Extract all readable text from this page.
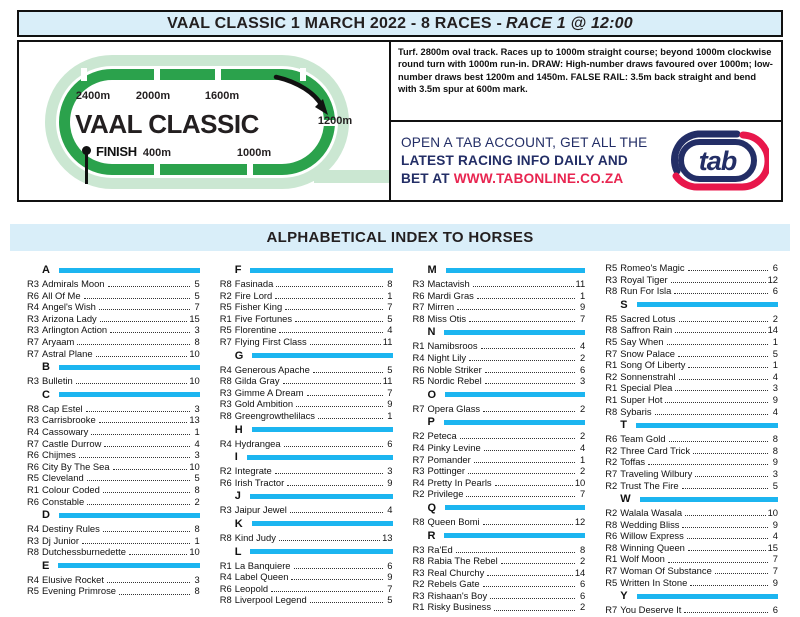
VAAL CLASSIC 1 MARCH 2022 - 8 RACES - RACE 1 @ 12:00
2400m	2000m	1600m
1200m
400m	1000m
VAAL CLASSIC
FINISH
Turf. 2800m oval track. Races up to 1000m straight course; beyond 1000m clockwise round turn with 1000m run-in. DRAW: High-number draws favoured over 1000m; low-number draws best 1200m and 1450m. FALSE RAIL: 3.5m back straight and bend with 3.5m spur at 600m mark.
OPEN A TAB ACCOUNT, GET ALL THE
LATEST RACING INFO DAILY AND
BET AT WWW.TABONLINE.CO.ZA
tab
ALPHABETICAL INDEX TO HORSES
A
R3 Admirals Moon	5
R6 All Of Me	5
R4 Angel's Wish	7
R3 Arizona Lady	15
R3 Arlington Action	3
R7 Aryaam	8
R7 Astral Plane	10
B
R3 Bulletin	10
C
R8 Cap Estel	3
R3 Carrisbrooke	13
R4 Cassowary	1
R7 Castle Durrow	4
R6 Chijmes	3
R6 City By The Sea	10
R5 Cleveland	5
R1 Colour Coded	8
R6 Constable	2
D
R4 Destiny Rules	8
R3 Dj Junior	1
R8 Dutchessburnedette	10
E
R4 Elusive Rocket	3
R5 Evening Primrose	8
F
R8 Fasinada	8
R2 Fire Lord	1
R5 Fisher King	7
R1 Five Fortunes	5
R5 Florentine	4
R7 Flying First Class	11
G
R4 Generous Apache	5
R8 Gilda Gray	11
R3 Gimme A Dream	7
R3 Gold Ambition	9
R8 Greengrowthelilacs	1
H
R4 Hydrangea	6
I
R2 Integrate	3
R6 Irish Tractor	9
J
R3 Jaipur Jewel	4
K
R8 Kind Judy	13
L
R1 La Banquiere	6
R4 Label Queen	9
R6 Leopold	7
R8 Liverpool Legend	5
M
R3 Mactavish	11
R6 Mardi Gras	1
R7 Mirren	9
R8 Miss Otis	7
N
R1 Namibsroos	4
R4 Night Lily	2
R6 Noble Striker	6
R5 Nordic Rebel	3
O
R7 Opera Glass	2
P
R2 Peteca	2
R4 Pinky Levine	4
R7 Pomander	1
R3 Pottinger	2
R4 Pretty In Pearls	10
R2 Privilege	7
Q
R8 Queen Bomi	12
R
R3 Ra'Ed	8
R8 Rabia The Rebel	2
R3 Real Churchy	14
R2 Rebels Gate	6
R3 Rishaan's Boy	6
R1 Risky Business	2
R5 Romeo's Magic	6
R3 Royal Tiger	12
R8 Run For Isla	6
S
R5 Sacred Lotus	2
R8 Saffron Rain	14
R5 Say When	1
R7 Snow Palace	5
R1 Song Of Liberty	1
R2 Sonnenstrahl	4
R1 Special Plea	3
R1 Super Hot	9
R8 Sybaris	4
T
R6 Team Gold	8
R2 Three Card Trick	8
R2 Toffas	9
R7 Traveling Wilbury	3
R2 Trust The Fire	5
W
R2 Walala Wasala	10
R8 Wedding Bliss	9
R6 Willow Express	4
R8 Winning Queen	15
R1 Wolf Moon	7
R7 Woman Of Substance	7
R5 Written In Stone	9
Y
R7 You Deserve It	6
